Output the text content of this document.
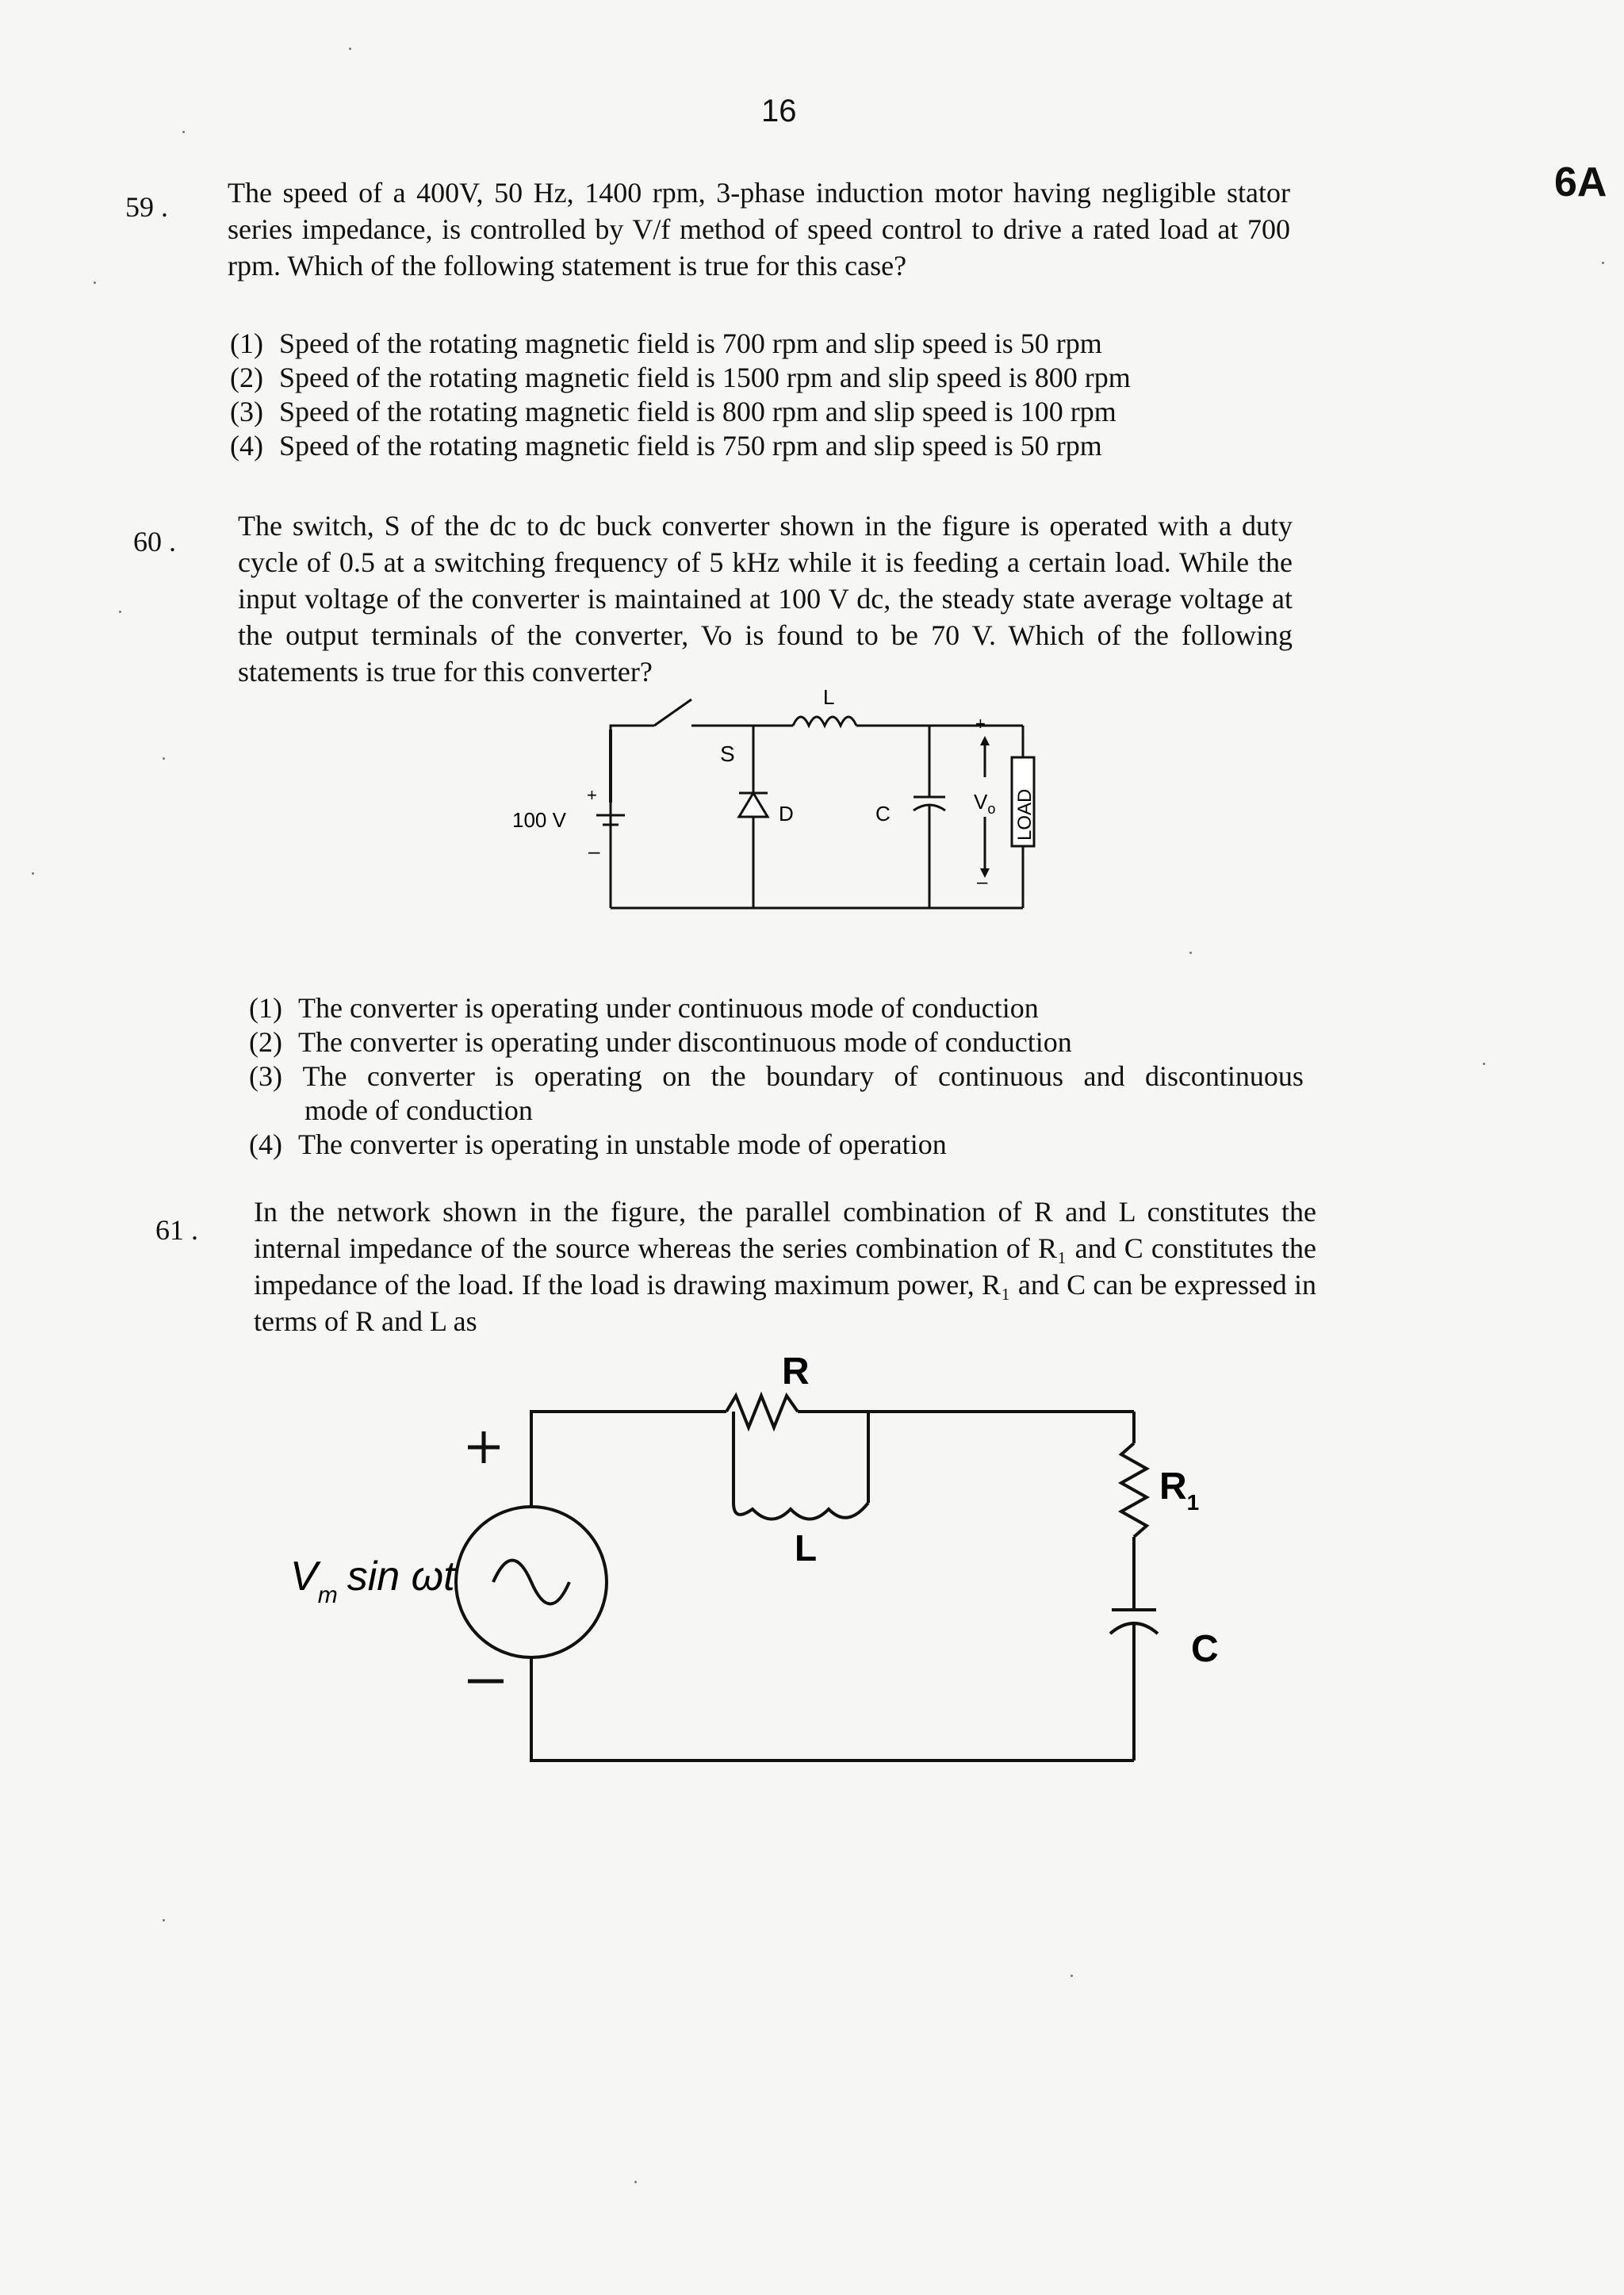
16
6A
59 . The speed of a 400V, 50 Hz, 1400 rpm, 3-phase induction motor having negligible stator series impedance, is controlled by V/f method of speed control to drive a rated load at 700 rpm. Which of the following statement is true for this case?
(1) Speed of the rotating magnetic field is 700 rpm and slip speed is 50 rpm
(2) Speed of the rotating magnetic field is 1500 rpm and slip speed is 800 rpm
(3) Speed of the rotating magnetic field is 800 rpm and slip speed is 100 rpm
(4) Speed of the rotating magnetic field is 750 rpm and slip speed is 50 rpm
60 . The switch, S of the dc to dc buck converter shown in the figure is operated with a duty cycle of 0.5 at a switching frequency of 5 kHz while it is feeding a certain load. While the input voltage of the converter is maintained at 100 V dc, the steady state average voltage at the output terminals of the converter, Vo is found to be 70 V. Which of the following statements is true for this converter?
S
L
100 V
+
–
D	C
+
–
$V_o$ LOAD
(1) The converter is operating under continuous mode of conduction
(2) The converter is operating under discontinuous mode of conduction
(3) The converter is operating on the boundary of continuous and discontinuous
mode of conduction
(4) The converter is operating in unstable mode of operation
61 .
In the network shown in the figure, the parallel combination of R and L constitutes the internal impedance of the source whereas the series combination of R₁ and C constitutes the impedance of the load. If the load is drawing maximum power, R₁ and C can be expressed in terms of R and L as
R
L
$R_1$
C
$V_m$ sin ωt
